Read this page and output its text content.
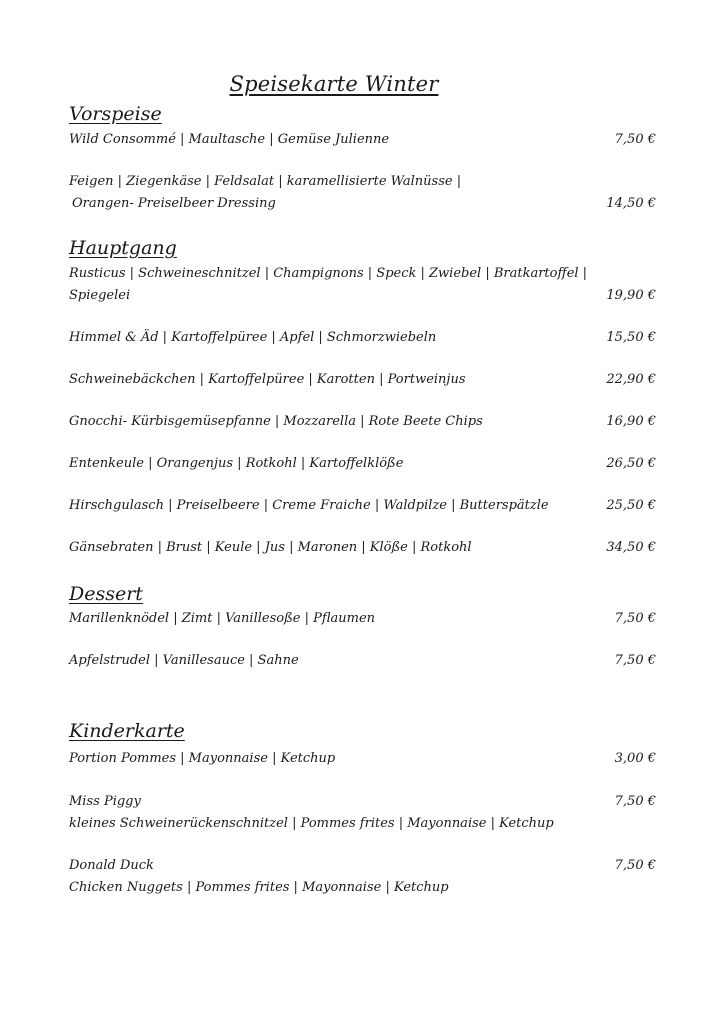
Speisekarte Winter
Vorspeise
Wild Consommé | Maultasche | Gemüse Julienne	7,50 €
Feigen | Ziegenkäse | Feldsalat | karamellisierte Walnüsse |
Orangen- Preiselbeer Dressing	14,50 €
Hauptgang
Rusticus | Schweineschnitzel | Champignons | Speck | Zwiebel | Bratkartoffel |
Spiegelei	19,90 €
Himmel & Äd | Kartoffelpüree | Apfel | Schmorzwiebeln	15,50 €
Schweinebäckchen | Kartoffelpüree | Karotten | Portweinjus	22,90 €
Gnocchi- Kürbisgemüsepfanne | Mozzarella | Rote Beete Chips	16,90 €
Entenkeule | Orangenjus | Rotkohl | Kartoffelklöße	26,50 €
Hirschgulasch | Preiselbeere | Creme Fraiche | Waldpilze | Butterspätzle	25,50 €
Gänsebraten | Brust | Keule | Jus | Maronen | Klöße | Rotkohl	34,50 €
Dessert
Marillenknödel | Zimt | Vanillesoße | Pflaumen	7,50 €
Apfelstrudel | Vanillesauce | Sahne	7,50 €
Kinderkarte
Portion Pommes | Mayonnaise | Ketchup	3,00 €
Miss Piggy	7,50 €
kleines Schweinerückenschnitzel | Pommes frites | Mayonnaise | Ketchup
Donald Duck	7,50 €
Chicken Nuggets | Pommes frites | Mayonnaise | Ketchup
